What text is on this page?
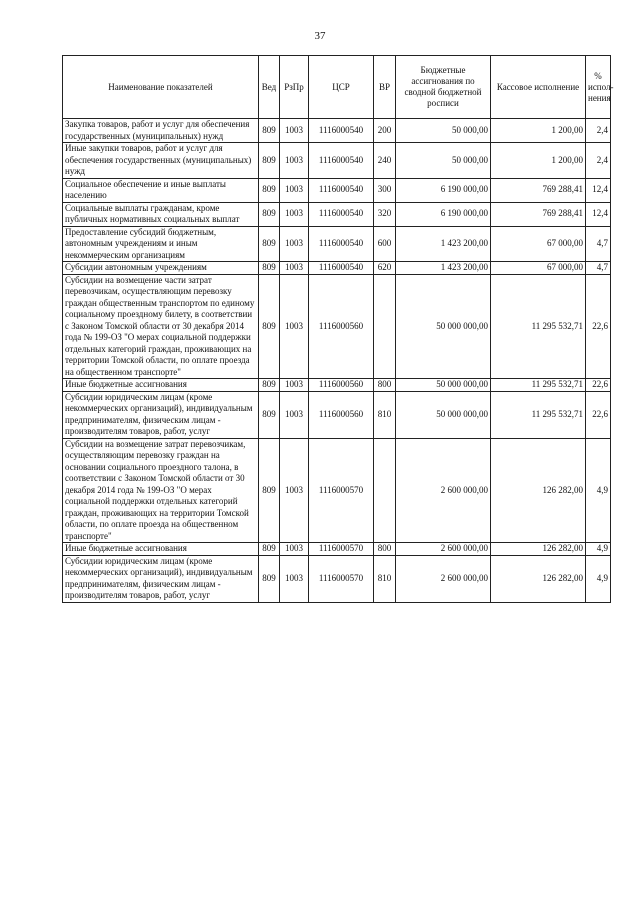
37
Наименование показателей	Вед	РзПр	ЦСР	ВР	Бюджетные ассигнования по сводной бюджетной росписи	Кассовое исполнение	% испол-нения
Закупка товаров, работ и услуг для обеспечения государственных (муниципальных) нужд	809	1003	1116000540	200	50 000,00	1 200,00	2,4
Иные закупки товаров, работ и услуг для обеспечения государственных (муниципальных) нужд	809	1003	1116000540	240	50 000,00	1 200,00	2,4
Социальное обеспечение и иные выплаты населению	809	1003	1116000540	300	6 190 000,00	769 288,41	12,4
Социальные выплаты гражданам, кроме публичных нормативных социальных выплат	809	1003	1116000540	320	6 190 000,00	769 288,41	12,4
Предоставление субсидий бюджетным, автономным учреждениям и иным некоммерческим организациям	809	1003	1116000540	600	1 423 200,00	67 000,00	4,7
Субсидии автономным учреждениям	809	1003	1116000540	620	1 423 200,00	67 000,00	4,7
Субсидии на возмещение части затрат перевозчикам, осуществляющим перевозку граждан общественным транспортом по единому социальному проездному билету, в соответствии с Законом Томской области от 30 декабря 2014 года № 199-ОЗ "О мерах социальной поддержки отдельных категорий граждан, проживающих на территории Томской области, по оплате проезда на общественном транспорте"	809	1003	1116000560		50 000 000,00	11 295 532,71	22,6
Иные бюджетные ассигнования	809	1003	1116000560	800	50 000 000,00	11 295 532,71	22,6
Субсидии юридическим лицам (кроме некоммерческих организаций), индивидуальным предпринимателям, физическим лицам - производителям товаров, работ, услуг	809	1003	1116000560	810	50 000 000,00	11 295 532,71	22,6
Субсидии на возмещение затрат перевозчикам, осуществляющим перевозку граждан на основании социального проездного талона, в соответствии с Законом Томской области от 30 декабря 2014 года № 199-ОЗ "О мерах социальной поддержки отдельных категорий граждан, проживающих на территории Томской области, по оплате проезда на общественном транспорте"	809	1003	1116000570		2 600 000,00	126 282,00	4,9
Иные бюджетные ассигнования	809	1003	1116000570	800	2 600 000,00	126 282,00	4,9
Субсидии юридическим лицам (кроме некоммерческих организаций), индивидуальным предпринимателям, физическим лицам - производителям товаров, работ, услуг	809	1003	1116000570	810	2 600 000,00	126 282,00	4,9
